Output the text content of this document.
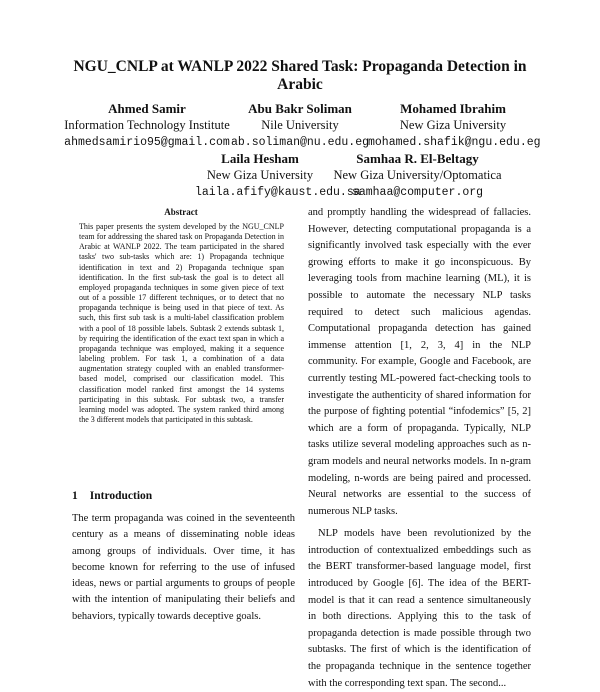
NGU_CNLP at WANLP 2022 Shared Task: Propaganda Detection in Arabic
Ahmed Samir
Information Technology Institute
ahmedsamirio95@gmail.com
Abu Bakr Soliman
Nile University
ab.soliman@nu.edu.eg
Mohamed Ibrahim
New Giza University
mohamed.shafik@ngu.edu.eg
Laila Hesham
New Giza University
laila.afify@kaust.edu.sa
Samhaa R. El-Beltagy
New Giza University/Optomatica
samhaa@computer.org
Abstract
This paper presents the system developed by the NGU_CNLP team for addressing the shared task on Propaganda Detection in Arabic at WANLP 2022. The team participated in the shared tasks' two sub-tasks which are: 1) Propaganda technique identification in text and 2) Propaganda technique span identification. In the first sub-task the goal is to detect all employed propaganda techniques in some given piece of text out of a possible 17 different techniques, or to detect that no propaganda technique is being used in that piece of text. As such, this first sub task is a multi-label classification problem with a pool of 18 possible labels. Subtask 2 extends subtask 1, by requiring the identification of the exact text span in which a propaganda technique was employed, making it a sequence labeling problem. For task 1, a combination of a data augmentation strategy coupled with an enabled transformer-based model, comprised our classification model. This classification model ranked first amongst the 14 systems participating in this subtask. For subtask two, a transfer learning model was adopted. The system ranked third among the 3 different models that participated in this subtask.
1 Introduction
The term propaganda was coined in the seventeenth century as a means of disseminating noble ideas among groups of individuals. Over time, it has become known for referring to the use of infused ideas, news or partial arguments to groups of people with the intention of manipulating their beliefs and behaviors, typically towards deceptive goals.

and promptly handling the widespread of fallacies. However, detecting computational propaganda is a significantly involved task especially with the ever growing efforts to make it go inconspicuous. By leveraging tools from machine learning (ML), it is possible to automate the necessary NLP tasks required to detect such malicious agendas. Computational propaganda detection has gained immense attention [1, 2, 3, 4] in the NLP community. For example, Google and Facebook, are currently testing ML-powered fact-checking tools to investigate the authenticity of shared information for the purpose of fighting potential “infodemics” [5, 2] which are a form of propaganda. Typically, NLP tasks utilize several modeling approaches such as n-gram models and neural networks models. In n-gram modeling, n-words are being paired and processed. Neural networks are essential to the success of numerous NLP tasks.

NLP models have been revolutionized by the introduction of contextualized embeddings such as the BERT transformer-based language model, first introduced by Google [6]. The idea of the BERT-model is that it can read a sentence simultaneously in both directions. Applying this to the task of propaganda detection is made possible through two subtasks. The first of which is the identification of the propaganda technique in the sentence together with the corresponding text span. The second...
